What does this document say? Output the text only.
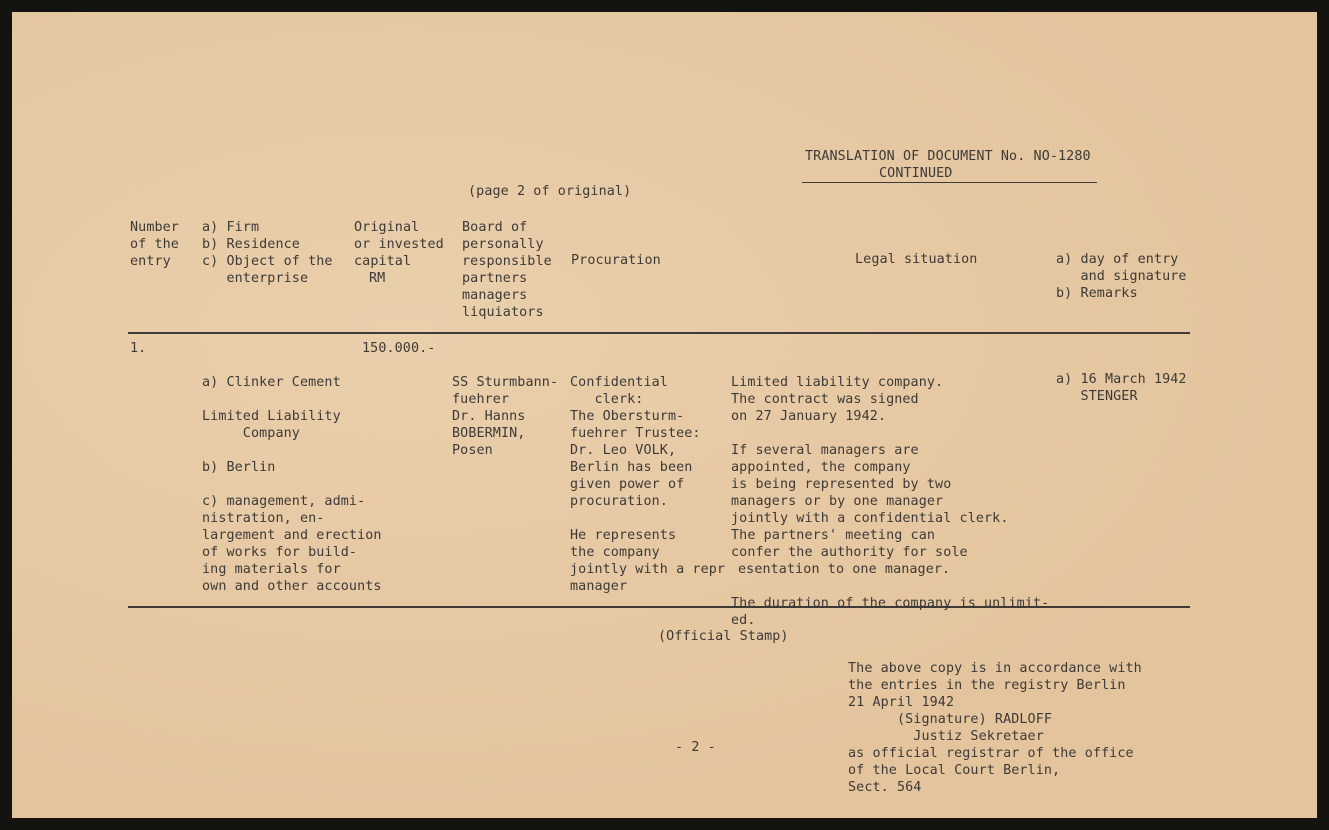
TRANSLATION OF DOCUMENT No. NO-1280
CONTINUED
(page 2 of original)
Number
of the
entry
a) Firm
b) Residence
c) Object of the
enterprise
Original
or invested
capital
RM
Board of
personally
responsible
partners
managers
liquiators
Procuration	Legal situation	a) day of entry
and signature
b) Remarks
1.

a) Clinker Cement

Limited Liability
Company

b) Berlin

c) management, admi-
nistration, en-
largement and erection
of works for build-
ing materials for
own and other accounts

150.000.-

SS Sturmbann-
fuehrer
Dr. Hanns
BOBERMIN,
Posen

Confidential
clerk:
The Obersturm-
fuehrer Trustee:
Dr. Leo VOLK,
Berlin has been
given power of
procuration.

He represents
the company
jointly with a repr
manager

Limited liability company.
The contract was signed
on 27 January 1942.

If several managers are
appointed, the company
is being represented by two
managers or by one manager
jointly with a confidential clerk.
The partners' meeting can
confer the authority for sole
esentation to one manager.

The duration of the company is unlimit-
ed.

a) 16 March 1942
STENGER

(Official Stamp)

The above copy is in accordance with
the entries in the registry Berlin
21 April 1942
(Signature) RADLOFF
Justiz Sekretaer
as official registrar of the office
of the Local Court Berlin,
Sect. 564

- 2 -
